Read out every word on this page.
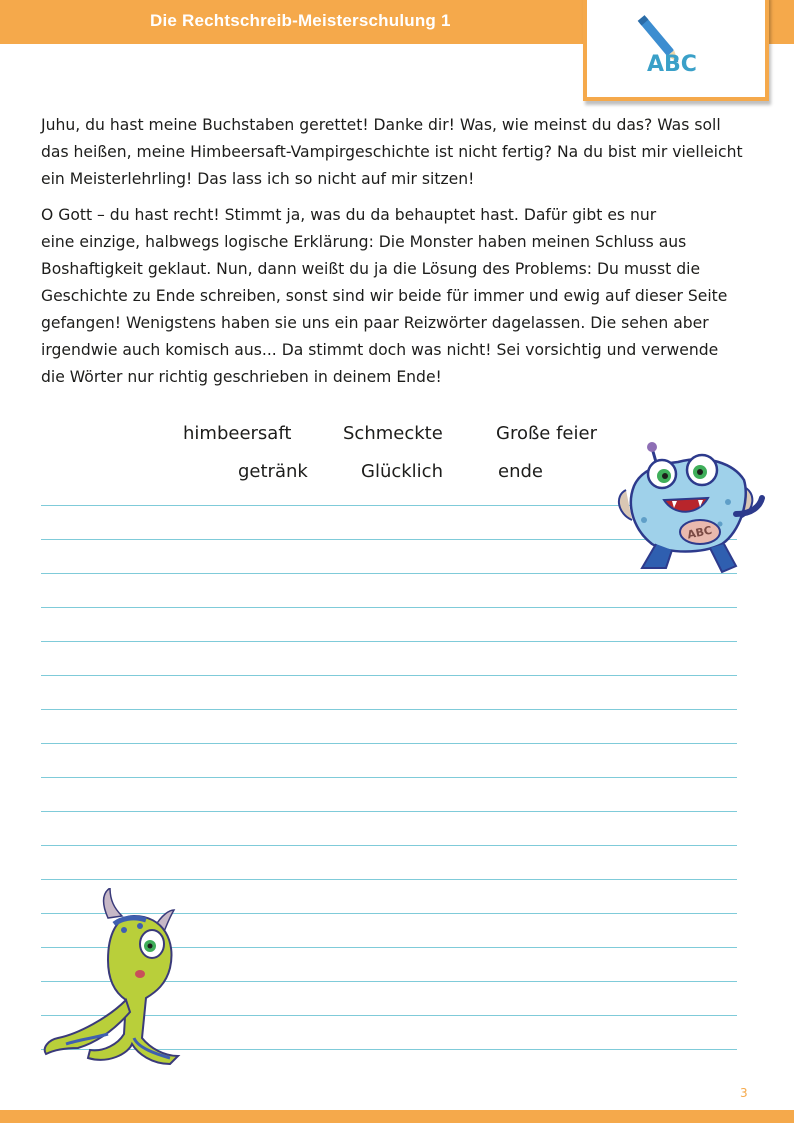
Die Rechtschreib-Meisterschulung 1
ABC

Juhu, du hast meine Buchstaben gerettet! Danke dir! Was, wie meinst du das? Was soll

das heißen, meine Himbeersaft-Vampirgeschichte ist nicht fertig? Na du bist mir vielleicht

ein Meisterlehrling! Das lass ich so nicht auf mir sitzen!

O Gott – du hast recht! Stimmt ja, was du da behauptet hast. Dafür gibt es nur

eine einzige, halbwegs logische Erklärung: Die Monster haben meinen Schluss aus

Boshaftigkeit geklaut. Nun, dann weißt du ja die Lösung des Problems: Du musst die

Geschichte zu Ende schreiben, sonst sind wir beide für immer und ewig auf dieser Seite

gefangen! Wenigstens haben sie uns ein paar Reizwörter dagelassen. Die sehen aber

irgendwie auch komisch aus... Da stimmt doch was nicht! Sei vorsichtig und verwende

die Wörter nur richtig geschrieben in deinem Ende!

himbeersaft	Schmeckte	Große feier
getränk	Glücklich	ende
ABC
3
